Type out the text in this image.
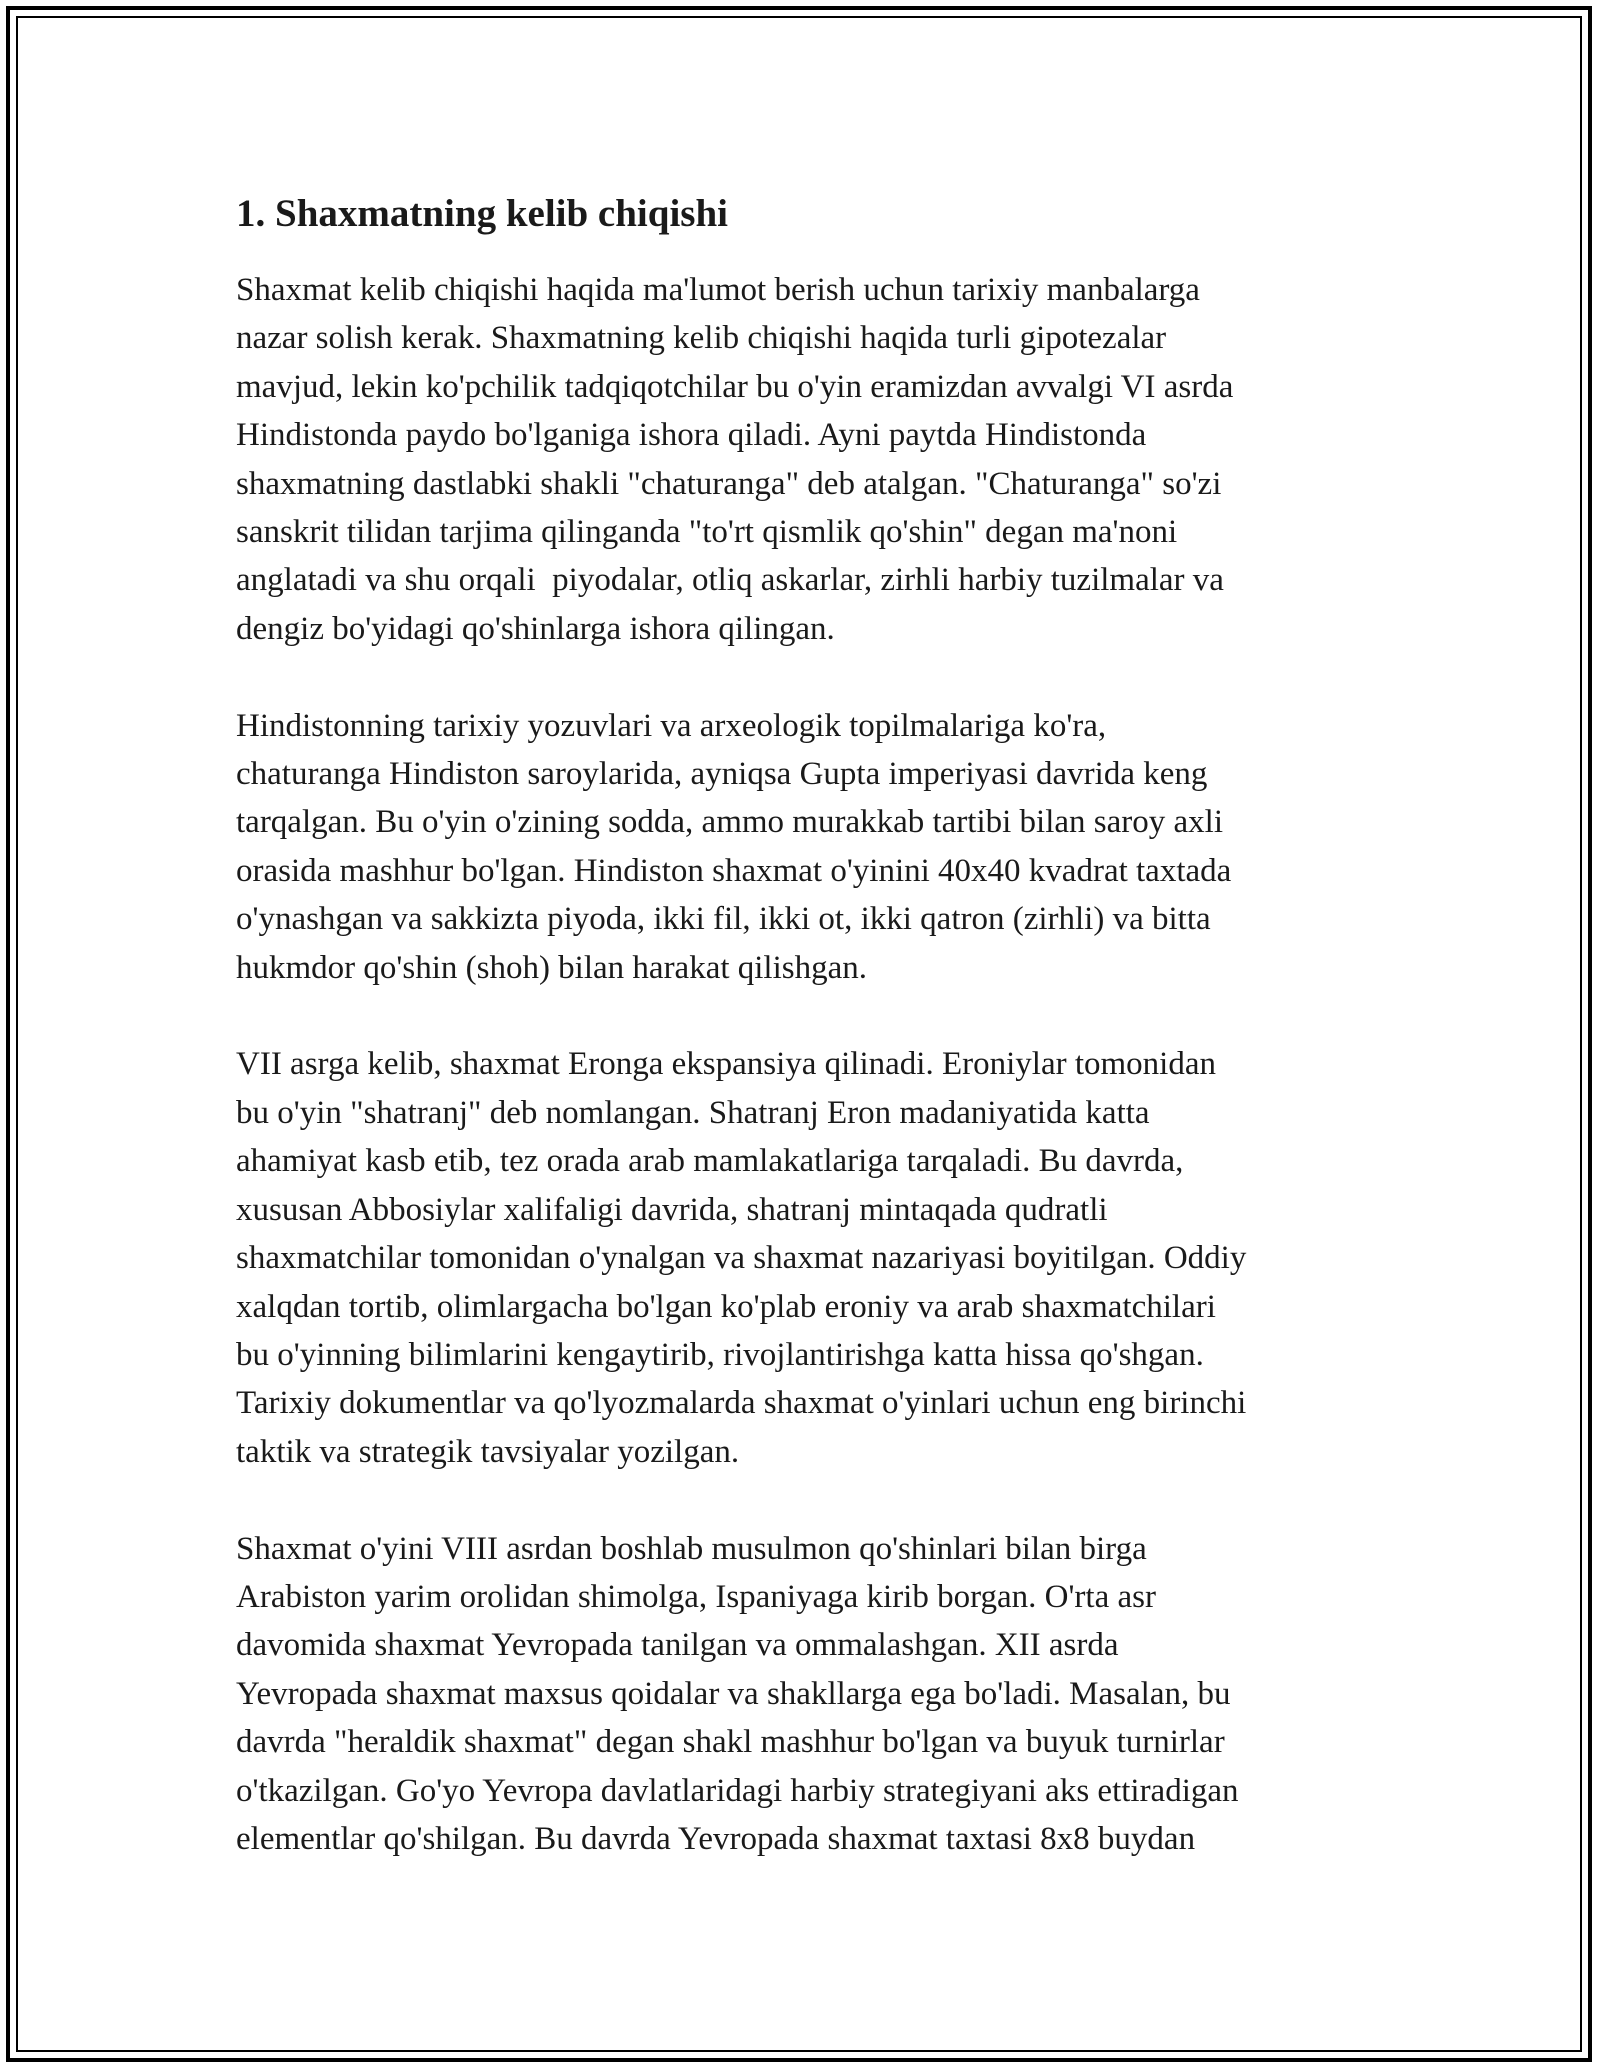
1. Shaxmatning kelib chiqishi
Shaxmat kelib chiqishi haqida ma'lumot berish uchun tarixiy manbalarga
nazar solish kerak. Shaxmatning kelib chiqishi haqida turli gipotezalar
mavjud, lekin ko'pchilik tadqiqotchilar bu o'yin eramizdan avvalgi VI asrda
Hindistonda paydo bo'lganiga ishora qiladi. Ayni paytda Hindistonda
shaxmatning dastlabki shakli "chaturanga" deb atalgan. "Chaturanga" so'zi
sanskrit tilidan tarjima qilinganda "to'rt qismlik qo'shin" degan ma'noni
anglatadi va shu orqali  piyodalar, otliq askarlar, zirhli harbiy tuzilmalar va
dengiz bo'yidagi qo'shinlarga ishora qilingan.
Hindistonning tarixiy yozuvlari va arxeologik topilmalariga ko'ra,
chaturanga Hindiston saroylarida, ayniqsa Gupta imperiyasi davrida keng
tarqalgan. Bu o'yin o'zining sodda, ammo murakkab tartibi bilan saroy axli
orasida mashhur bo'lgan. Hindiston shaxmat o'yinini 40x40 kvadrat taxtada
o'ynashgan va sakkizta piyoda, ikki fil, ikki ot, ikki qatron (zirhli) va bitta
hukmdor qo'shin (shoh) bilan harakat qilishgan.
VII asrga kelib, shaxmat Eronga ekspansiya qilinadi. Eroniylar tomonidan
bu o'yin "shatranj" deb nomlangan. Shatranj Eron madaniyatida katta
ahamiyat kasb etib, tez orada arab mamlakatlariga tarqaladi. Bu davrda,
xususan Abbosiylar xalifaligi davrida, shatranj mintaqada qudratli
shaxmatchilar tomonidan o'ynalgan va shaxmat nazariyasi boyitilgan. Oddiy
xalqdan tortib, olimlargacha bo'lgan ko'plab eroniy va arab shaxmatchilari
bu o'yinning bilimlarini kengaytirib, rivojlantirishga katta hissa qo'shgan.
Tarixiy dokumentlar va qo'lyozmalarda shaxmat o'yinlari uchun eng birinchi
taktik va strategik tavsiyalar yozilgan.
Shaxmat o'yini VIII asrdan boshlab musulmon qo'shinlari bilan birga
Arabiston yarim orolidan shimolga, Ispaniyaga kirib borgan. O'rta asr
davomida shaxmat Yevropada tanilgan va ommalashgan. XII asrda
Yevropada shaxmat maxsus qoidalar va shakllarga ega bo'ladi. Masalan, bu
davrda "heraldik shaxmat" degan shakl mashhur bo'lgan va buyuk turnirlar
o'tkazilgan. Go'yo Yevropa davlatlaridagi harbiy strategiyani aks ettiradigan
elementlar qo'shilgan. Bu davrda Yevropada shaxmat taxtasi 8x8 buydan
